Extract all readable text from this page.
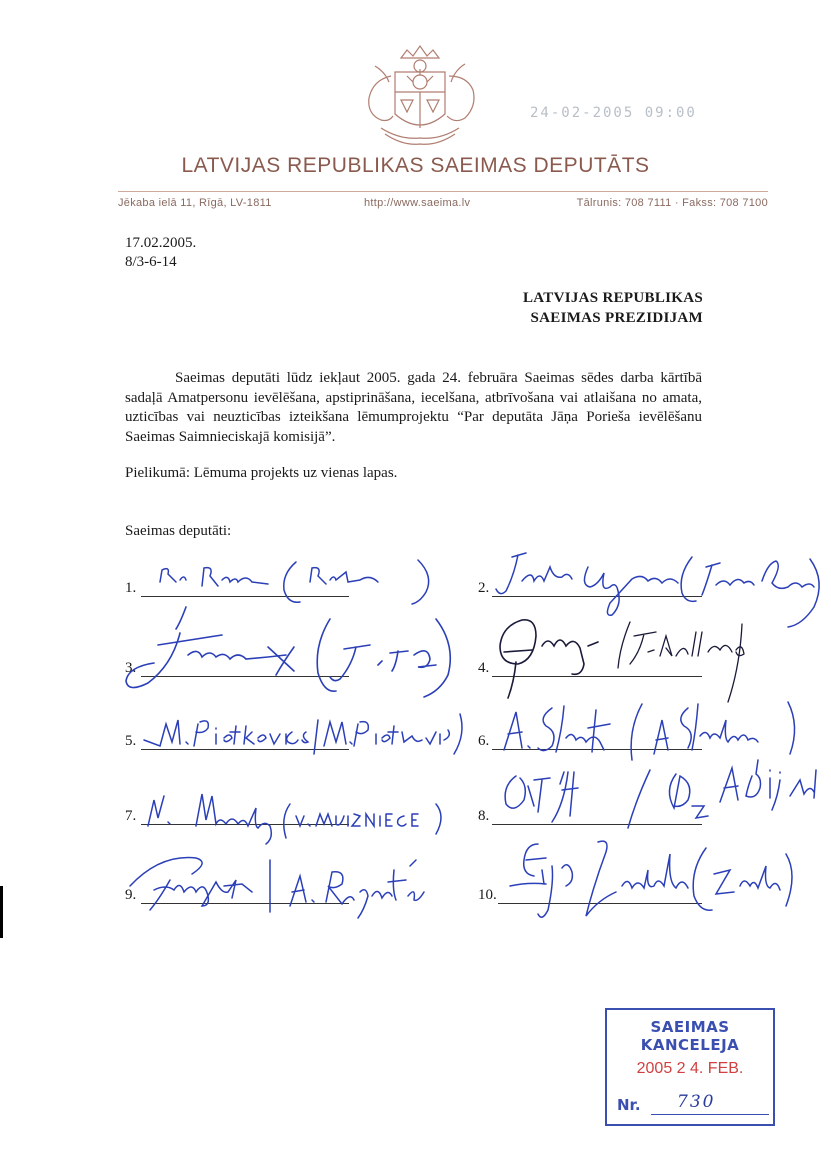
24-02-2005 09:00
LATVIJAS REPUBLIKAS SAEIMAS DEPUTĀTS
Jēkaba ielā 11, Rīgā, LV-1811	http://www.saeima.lv	Tālrunis: 708 7111 · Fakss: 708 7100
17.02.2005.
8/3-6-14
LATVIJAS REPUBLIKAS
SAEIMAS PREZIDIJAM
Saeimas deputāti lūdz iekļaut 2005. gada 24. februāra Saeimas sēdes darba kārtībā sadaļā Amatpersonu ievēlēšana, apstiprināšana, iecelšana, atbrīvošana vai atlaišana no amata, uzticības vai neuzticības izteikšana lēmumprojektu “Par deputāta Jāņa Porieša ievēlēšanu Saeimas Saimnieciskajā komisijā”.
Pielikumā: Lēmuma projekts uz vienas lapas.
Saeimas deputāti:
1.	2.
3.	4.
5.	6.
7.	8.
9.	10.
SAEIMAS KANCELEJA
2005 2 4. FEB.
Nr. 730
